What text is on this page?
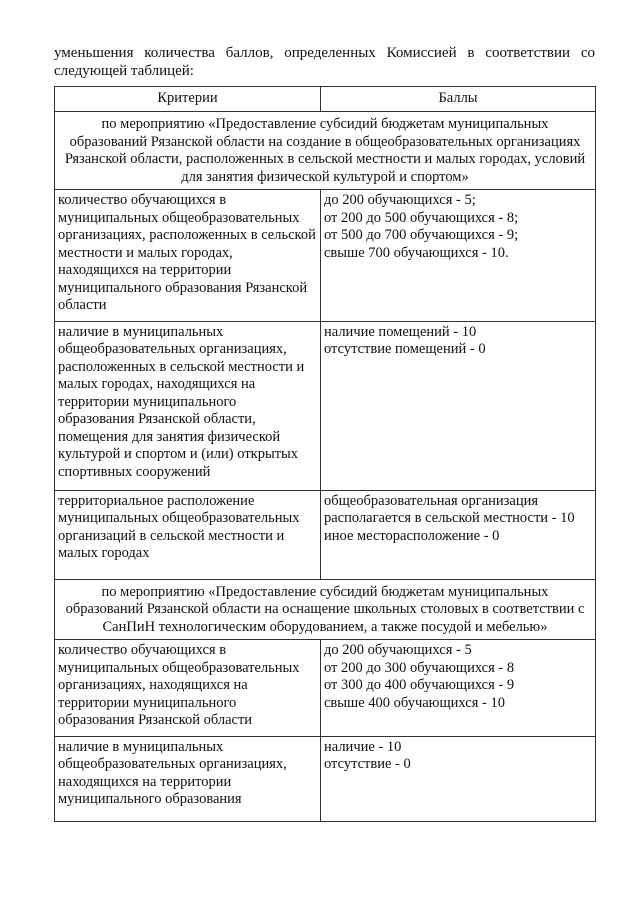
уменьшения количества баллов, определенных Комиссией в соответствии со следующей таблицей:

Критерии	Баллы
по мероприятию «Предоставление субсидий бюджетам муниципальных образований Рязанской области на создание в общеобразовательных организациях Рязанской области, расположенных в сельской местности и малых городах, условий для занятия физической культурой и спортом»	
количество обучающихся в муниципальных общеобразовательных организациях, расположенных в сельской местности и малых городах, находящихся на территории муниципального образования Рязанской области	до 200 обучающихся - 5;
от 200 до 500 обучающихся - 8;
от 500 до 700 обучающихся - 9;
свыше 700 обучающихся - 10.

наличие в муниципальных общеобразовательных организациях, расположенных в сельской местности и малых городах, находящихся на территории муниципального образования Рязанской области, помещения для занятия физической культурой и спортом и (или) открытых спортивных сооружений	наличие помещений - 10
отсутствие помещений - 0

территориальное расположение муниципальных общеобразовательных организаций в сельской местности и малых городах	общеобразовательная организация располагается в сельской местности - 10
иное месторасположение - 0

по мероприятию «Предоставление субсидий бюджетам муниципальных образований Рязанской области на оснащение школьных столовых в соответствии с СанПиН технологическим оборудованием, а также посудой и мебелью»	
количество обучающихся в муниципальных общеобразовательных организациях, находящихся на территории муниципального образования Рязанской области	до 200 обучающихся - 5
от 200 до 300 обучающихся - 8
от 300 до 400 обучающихся - 9
свыше 400 обучающихся - 10

наличие в муниципальных общеобразовательных организациях, находящихся на территории муниципального образования	наличие - 10
отсутствие - 0
